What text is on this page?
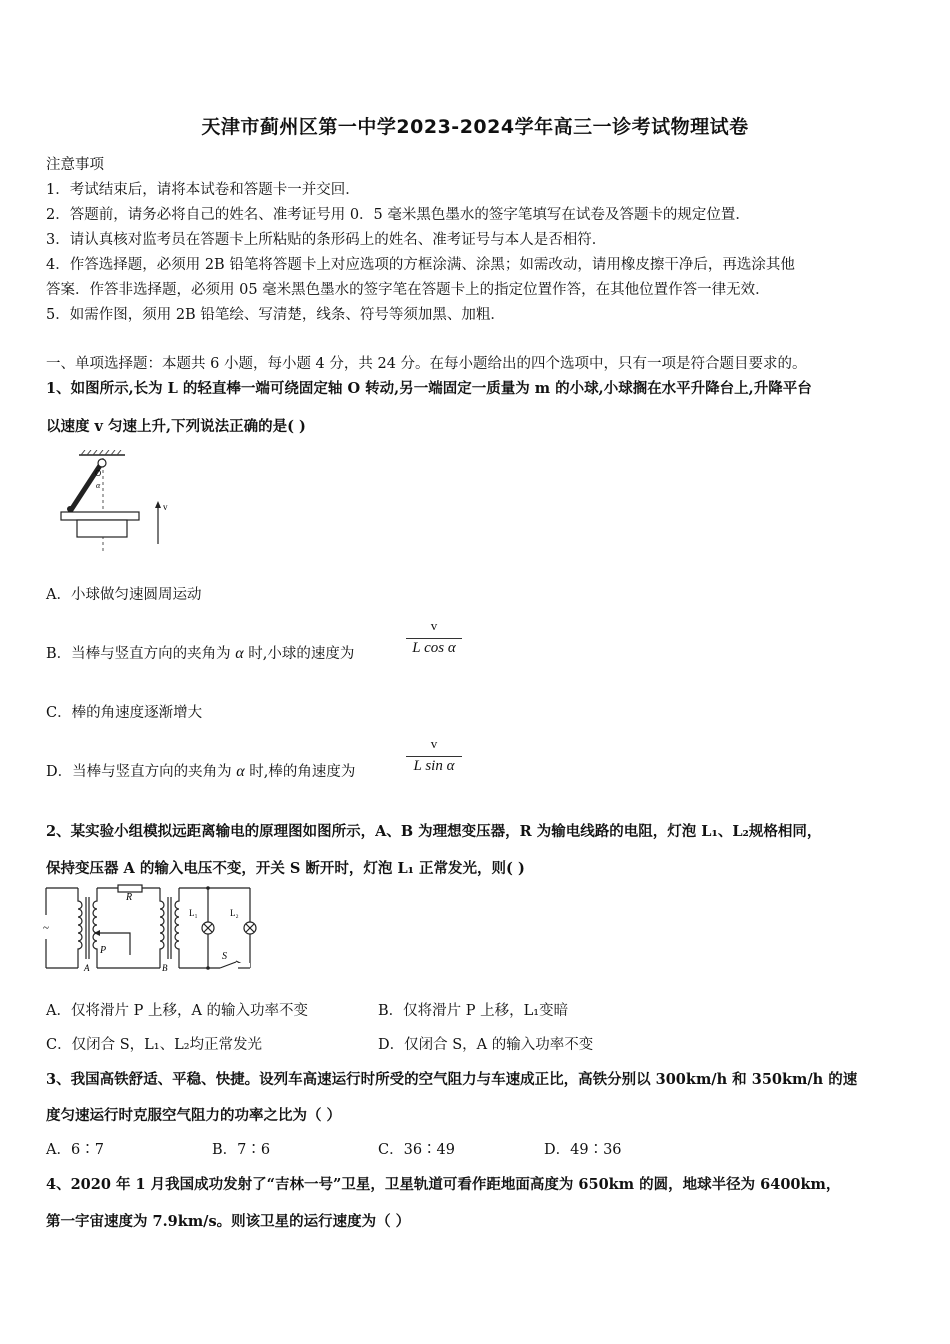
天津市蓟州区第一中学2023-2024学年高三一诊考试物理试卷
注意事项
1．考试结束后，请将本试卷和答题卡一并交回．
2．答题前，请务必将自己的姓名、准考证号用 0．5 毫米黑色墨水的签字笔填写在试卷及答题卡的规定位置．
3．请认真核对监考员在答题卡上所粘贴的条形码上的姓名、准考证号与本人是否相符．
4．作答选择题，必须用 2B 铅笔将答题卡上对应选项的方框涂满、涂黑；如需改动，请用橡皮擦干净后，再选涂其他
答案．作答非选择题，必须用 05 毫米黑色墨水的签字笔在答题卡上的指定位置作答，在其他位置作答一律无效．
5．如需作图，须用 2B 铅笔绘、写清楚，线条、符号等须加黑、加粗．
一、单项选择题：本题共 6 小题，每小题 4 分，共 24 分。在每小题给出的四个选项中，只有一项是符合题目要求的。
1、如图所示,长为 L 的轻直棒一端可绕固定轴 O 转动,另一端固定一质量为 m 的小球,小球搁在水平升降台上,升降平台
以速度 v 匀速上升,下列说法正确的是( )
O
α
v
A．小球做匀速圆周运动
B．当棒与竖直方向的夹角为 α 时,小球的速度为
v
L cos α
C．棒的角速度逐渐增大
D．当棒与竖直方向的夹角为 α 时,棒的角速度为
v
L sin α
2、某实验小组模拟远距离输电的原理图如图所示，A、B 为理想变压器，R 为输电线路的电阻，灯泡 L₁、L₂规格相同，
保持变压器 A 的输入电压不变，开关 S 断开时，灯泡 L₁ 正常发光，则( )
~
R
P
A	B
L₁	L₂
S
A．仅将滑片 P 上移，A 的输入功率不变	B．仅将滑片 P 上移，L₁变暗
C．仅闭合 S，L₁、L₂均正常发光	D．仅闭合 S，A 的输入功率不变
3、我国高铁舒适、平稳、快捷。设列车高速运行时所受的空气阻力与车速成正比，高铁分别以 300km/h 和 350km/h 的速
度匀速运行时克服空气阻力的功率之比为（ ）
A．6∶7	B．7∶6	C．36∶49	D．49∶36
4、2020 年 1 月我国成功发射了“吉林一号”卫星，卫星轨道可看作距地面高度为 650km 的圆，地球半径为 6400km，
第一宇宙速度为 7.9km/s。则该卫星的运行速度为（ ）
